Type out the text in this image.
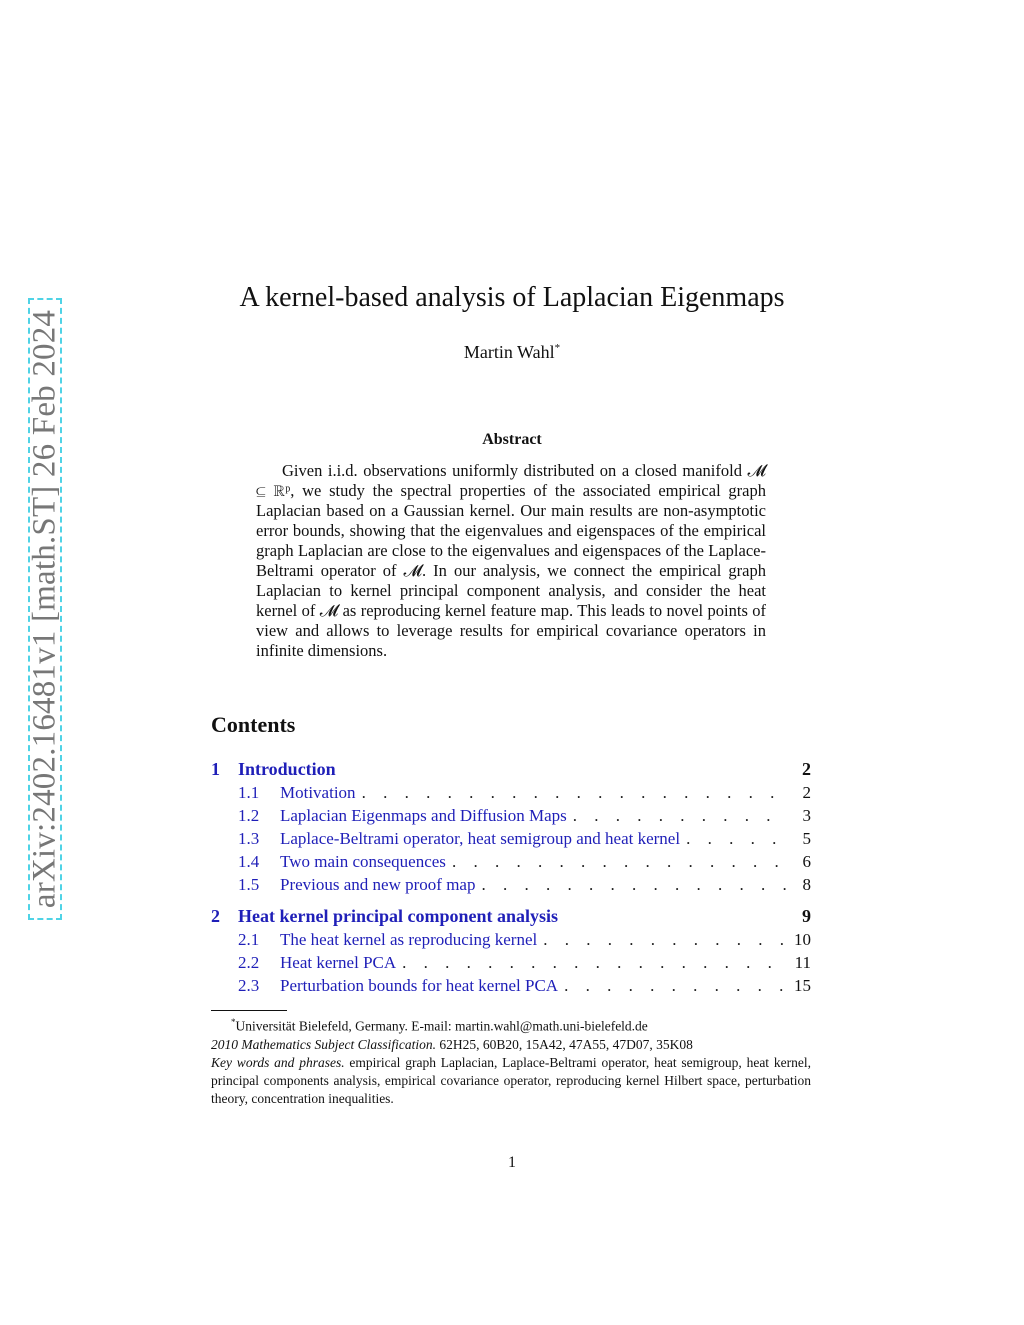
arXiv:2402.16481v1 [math.ST] 26 Feb 2024
A kernel-based analysis of Laplacian Eigenmaps
Martin Wahl*
Abstract
Given i.i.d. observations uniformly distributed on a closed manifold 𝓜 ⊆ ℝᵖ, we study the spectral properties of the associated empirical graph Laplacian based on a Gaussian kernel. Our main results are non-asymptotic error bounds, showing that the eigenvalues and eigenspaces of the empirical graph Laplacian are close to the eigenvalues and eigenspaces of the Laplace-Beltrami operator of 𝓜. In our analysis, we connect the empirical graph Laplacian to kernel principal component analysis, and consider the heat kernel of 𝓜 as reproducing kernel feature map. This leads to novel points of view and allows to leverage results for empirical covariance operators in infinite dimensions.
Contents
1	Introduction	2
1.1	Motivation . . .	2
1.2	Laplacian Eigenmaps and Diffusion Maps . . .	3
1.3	Laplace-Beltrami operator, heat semigroup and heat kernel . . .	5
1.4	Two main consequences . . .	6
1.5	Previous and new proof map . . .	8
2	Heat kernel principal component analysis	9
2.1	The heat kernel as reproducing kernel . . .	10
2.2	Heat kernel PCA . . .	11
2.3	Perturbation bounds for heat kernel PCA . . .	15
*Universität Bielefeld, Germany. E-mail: martin.wahl@math.uni-bielefeld.de
2010 Mathematics Subject Classification. 62H25, 60B20, 15A42, 47A55, 47D07, 35K08
Key words and phrases. empirical graph Laplacian, Laplace-Beltrami operator, heat semigroup, heat kernel, principal components analysis, empirical covariance operator, reproducing kernel Hilbert space, perturbation theory, concentration inequalities.
1
